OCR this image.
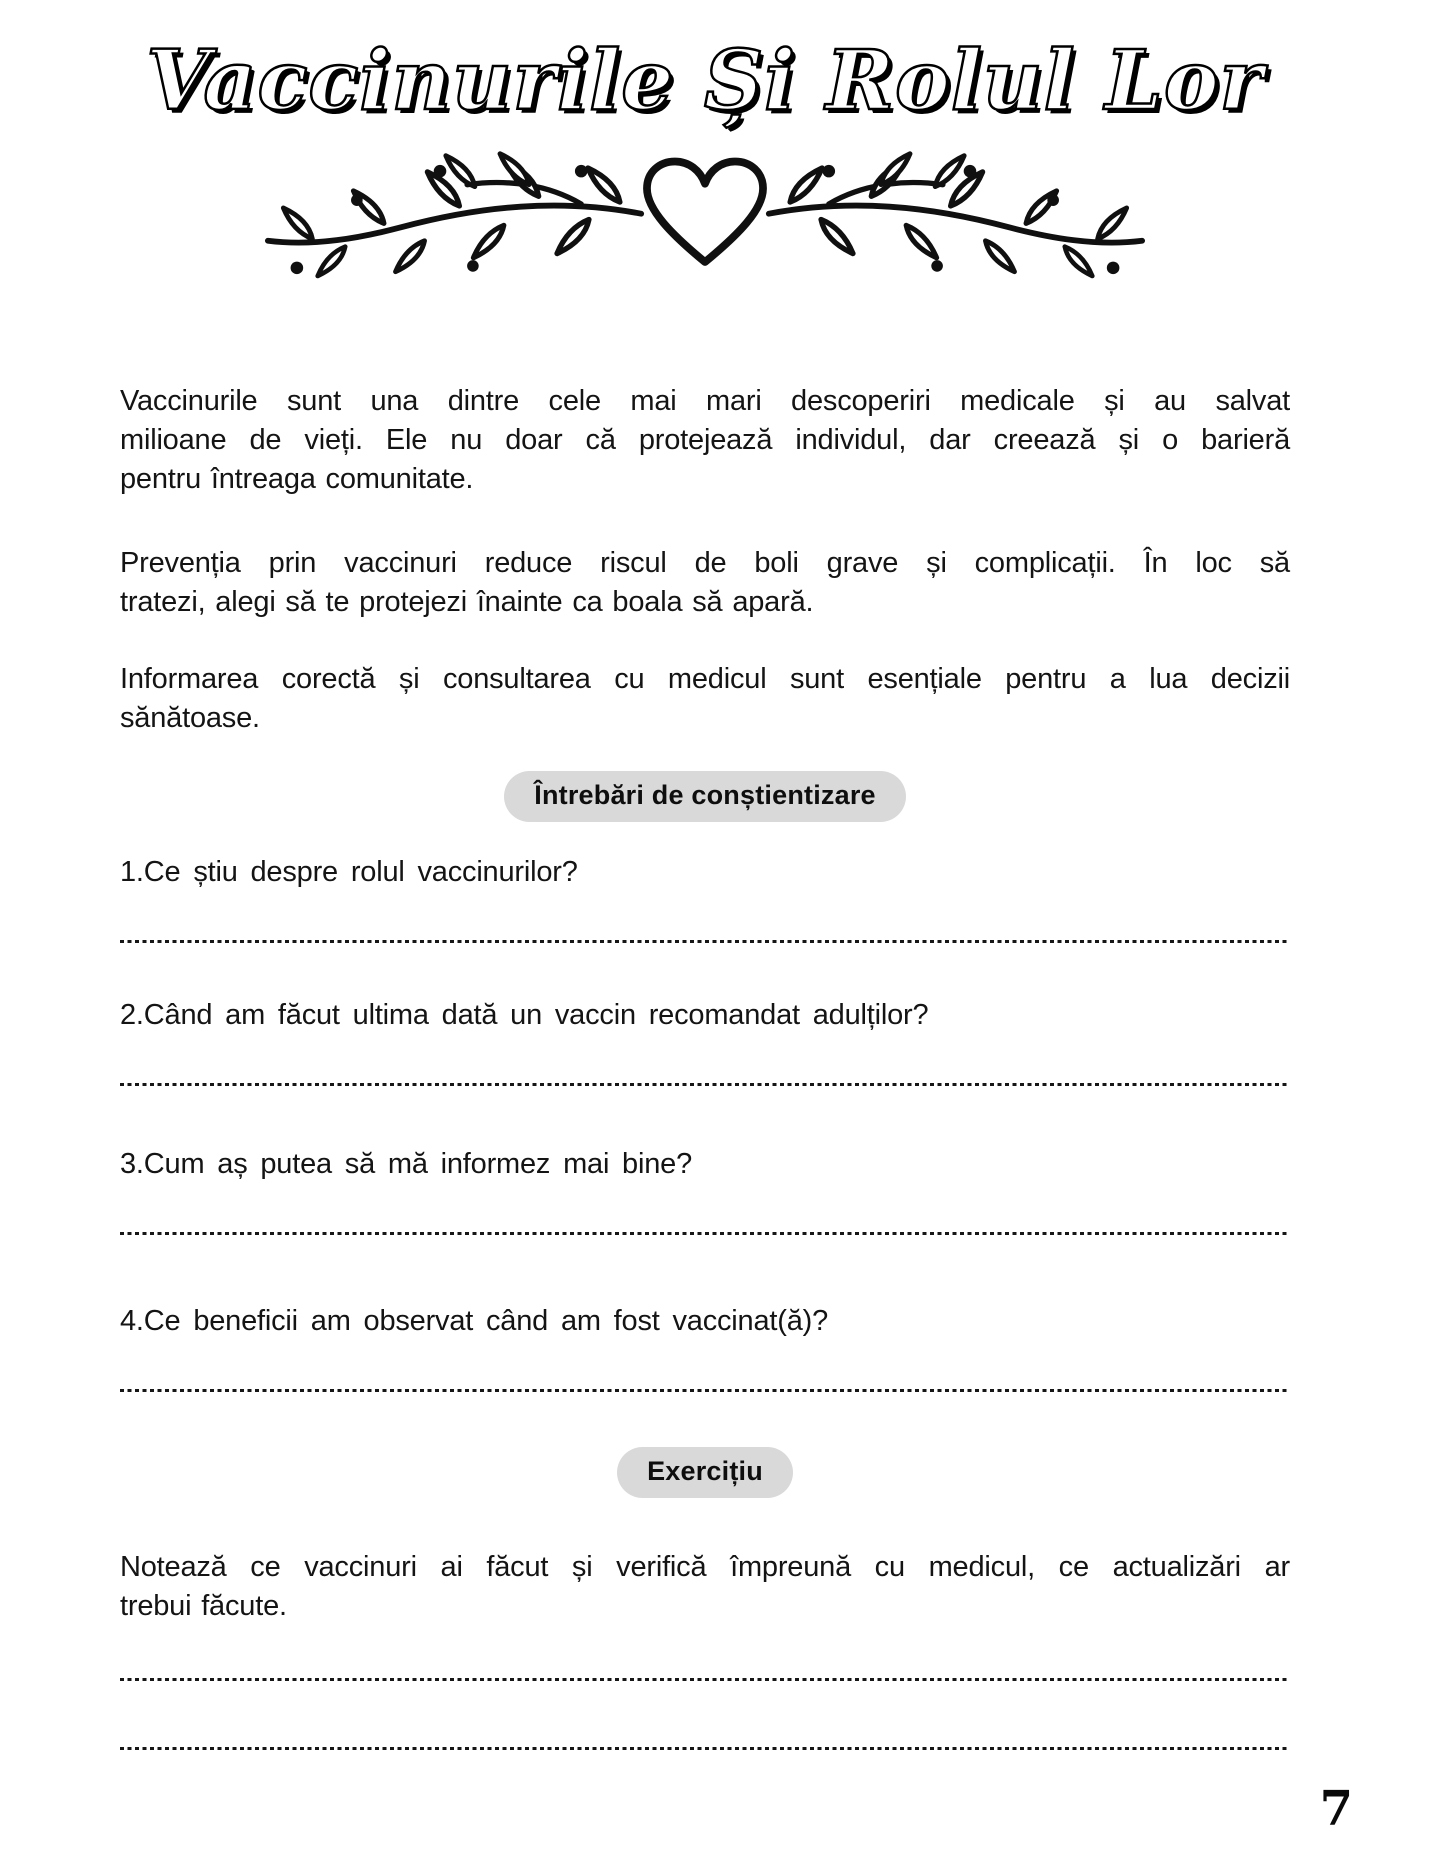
Vaccinurile Și Rolul Lor

Vaccinurile sunt una dintre cele mai mari descoperiri medicale și au salvat
milioane de vieți. Ele nu doar că protejează individul, dar creează și o barieră
pentru întreaga comunitate.

Prevenția prin vaccinuri reduce riscul de boli grave și complicații. În loc să
tratezi, alegi să te protejezi înainte ca boala să apară.

Informarea corectă și consultarea cu medicul sunt esențiale pentru a lua decizii
sănătoase.

Întrebări de conștientizare

1.Ce știu despre rolul vaccinurilor?

2.Când am făcut ultima dată un vaccin recomandat adulților?

3.Cum aș putea să mă informez mai bine?

4.Ce beneficii am observat când am fost vaccinat(ă)?

Exercițiu

Notează ce vaccinuri ai făcut și verifică împreună cu medicul, ce actualizări ar
trebui făcute.

7
